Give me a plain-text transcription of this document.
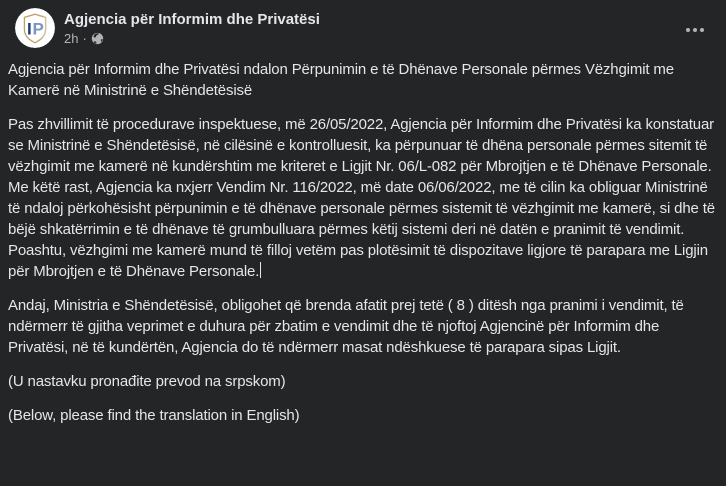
P
I Agjencia për Informim dhe Privatësi
2h ·

Agjencia për Informim dhe Privatësi ndalon Përpunimin e të Dhënave Personale përmes Vëzhgimit me Kamerë në Ministrinë e Shëndetësisë

Pas zhvillimit të procedurave inspektuese, më 26/05/2022, Agjencia për Informim dhe Privatësi ka konstatuar se Ministrinë e Shëndetësisë, në cilësinë e kontrolluesit, ka përpunuar të dhëna personale përmes sitemit të vëzhgimit me kamerë në kundërshtim me kriteret e Ligjit Nr. 06/L-082 për Mbrojtjen e të Dhënave Personale. Me këtë rast, Agjencia ka nxjerr Vendim Nr. 116/2022, më date 06/06/2022, me të cilin ka obliguar Ministrinë të ndaloj përkohësisht përpunimin e të dhënave personale përmes sistemit të vëzhgimit me kamerë, si dhe të bëjë shkatërrimin e të dhënave të grumbulluara përmes këtij sistemi deri në datën e pranimit të vendimit. Poashtu, vëzhgimi me kamerë mund të filloj vetëm pas plotësimit të dispozitave ligjore të parapara me Ligjin për Mbrojtjen e të Dhënave Personale.

Andaj, Ministria e Shëndetësisë, obligohet që brenda afatit prej tetë ( 8 ) ditësh nga pranimi i vendimit, të ndërmerr të gjitha veprimet e duhura për zbatim e vendimit dhe të njoftoj Agjencinë për Informim dhe Privatësi, në të kundërtën, Agjencia do të ndërmerr masat ndëshkuese të parapara sipas Ligjit.

(U nastavku pronađite prevod na srpskom)

(Below, please find the translation in English)
